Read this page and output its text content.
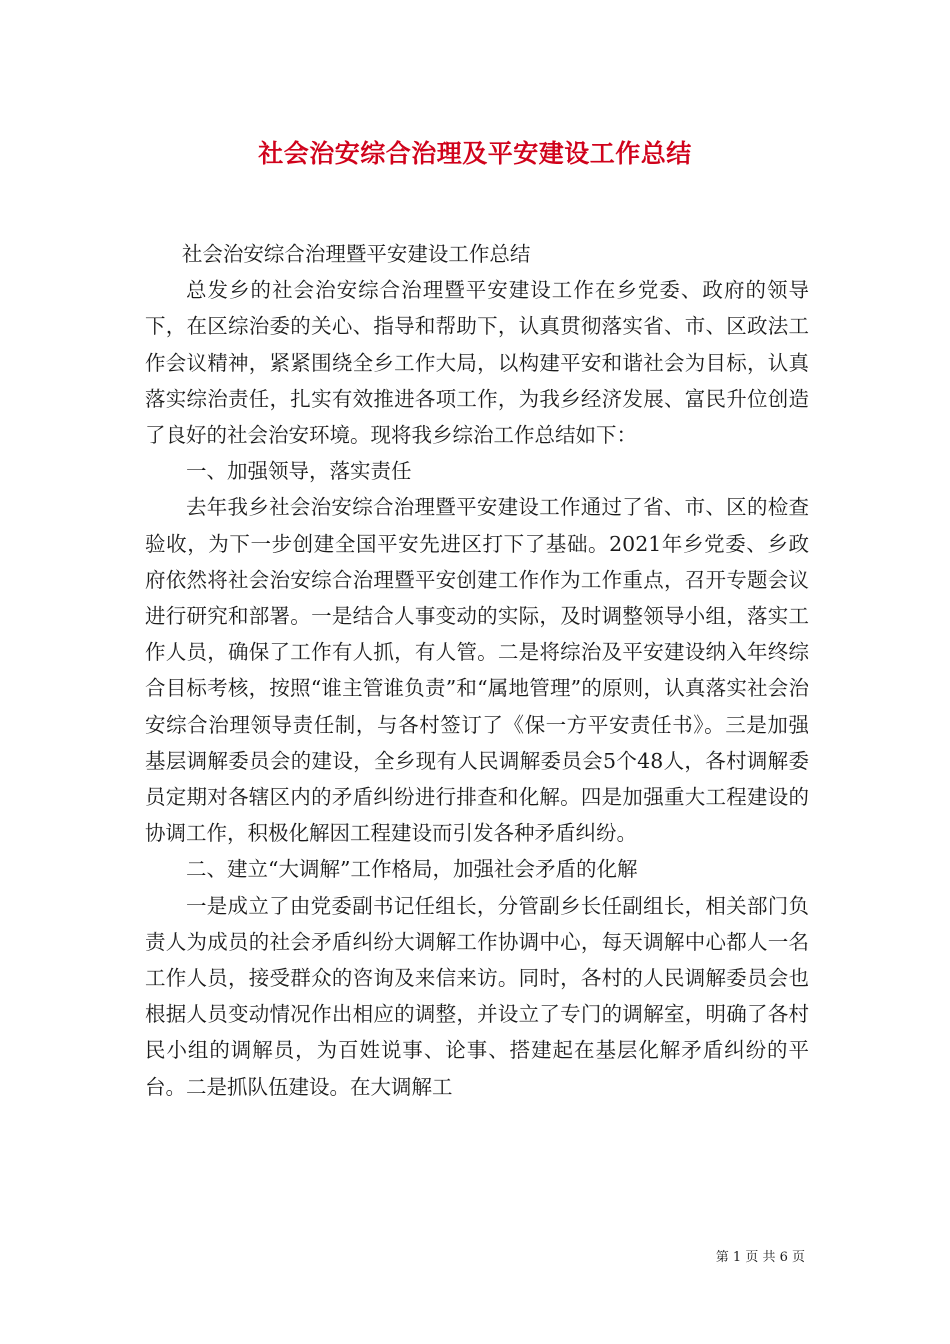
社会治安综合治理及平安建设工作总结

社会治安综合治理暨平安建设工作总结

总发乡的社会治安综合治理暨平安建设工作在乡党委、政府的领导下，在区综治委的关心、指导和帮助下，认真贯彻落实省、市、区政法工作会议精神，紧紧围绕全乡工作大局，以构建平安和谐社会为目标，认真落实综治责任，扎实有效推进各项工作，为我乡经济发展、富民升位创造了良好的社会治安环境。现将我乡综治工作总结如下：

一、加强领导，落实责任

去年我乡社会治安综合治理暨平安建设工作通过了省、市、区的检查验收，为下一步创建全国平安先进区打下了基础。2021年乡党委、乡政府依然将社会治安综合治理暨平安创建工作作为工作重点，召开专题会议进行研究和部署。一是结合人事变动的实际，及时调整领导小组，落实工作人员，确保了工作有人抓，有人管。二是将综治及平安建设纳入年终综合目标考核，按照“谁主管谁负责”和“属地管理”的原则，认真落实社会治安综合治理领导责任制，与各村签订了《保一方平安责任书》。三是加强基层调解委员会的建设，全乡现有人民调解委员会5个48人，各村调解委员定期对各辖区内的矛盾纠纷进行排查和化解。四是加强重大工程建设的协调工作，积极化解因工程建设而引发各种矛盾纠纷。

二、建立“大调解”工作格局，加强社会矛盾的化解

一是成立了由党委副书记任组长，分管副乡长任副组长，相关部门负责人为成员的社会矛盾纠纷大调解工作协调中心，每天调解中心都人一名工作人员，接受群众的咨询及来信来访。同时，各村的人民调解委员会也根据人员变动情况作出相应的调整，并设立了专门的调解室，明确了各村民小组的调解员，为百姓说事、论事、搭建起在基层化解矛盾纠纷的平台。二是抓队伍建设。在大调解工

第 1 页 共 6 页
